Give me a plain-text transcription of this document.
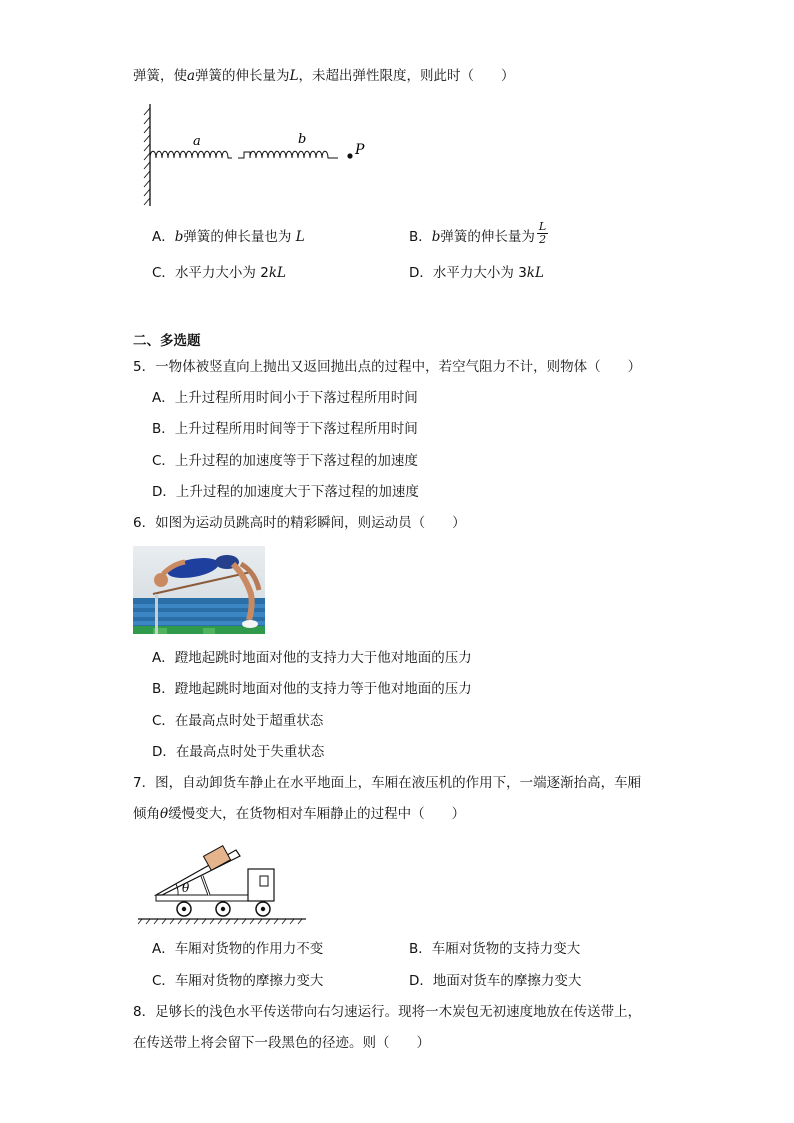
弹簧，使a弹簧的伸长量为L，未超出弹性限度，则此时（　　）
a	b
P
A．b弹簧的伸长量也为 L	B．b弹簧的伸长量为 $\frac{L}{2}$
C．水平力大小为 2kL	D．水平力大小为 3kL
二、多选题
5．一物体被竖直向上抛出又返回抛出点的过程中，若空气阻力不计，则物体（　　）
A．上升过程所用时间小于下落过程所用时间
B．上升过程所用时间等于下落过程所用时间
C．上升过程的加速度等于下落过程的加速度
D．上升过程的加速度大于下落过程的加速度
6．如图为运动员跳高时的精彩瞬间，则运动员（　　）
A．蹬地起跳时地面对他的支持力大于他对地面的压力
B．蹬地起跳时地面对他的支持力等于他对地面的压力
C．在最高点时处于超重状态
D．在最高点时处于失重状态
7．图，自动卸货车静止在水平地面上，车厢在液压机的作用下，一端逐渐抬高，车厢
倾角θ缓慢变大，在货物相对车厢静止的过程中（　　）
θ
A．车厢对货物的作用力不变	B．车厢对货物的支持力变大
C．车厢对货物的摩擦力变大	D．地面对货车的摩擦力变大
8．足够长的浅色水平传送带向右匀速运行。现将一木炭包无初速度地放在传送带上，
在传送带上将会留下一段黑色的径迹。则（　　）
